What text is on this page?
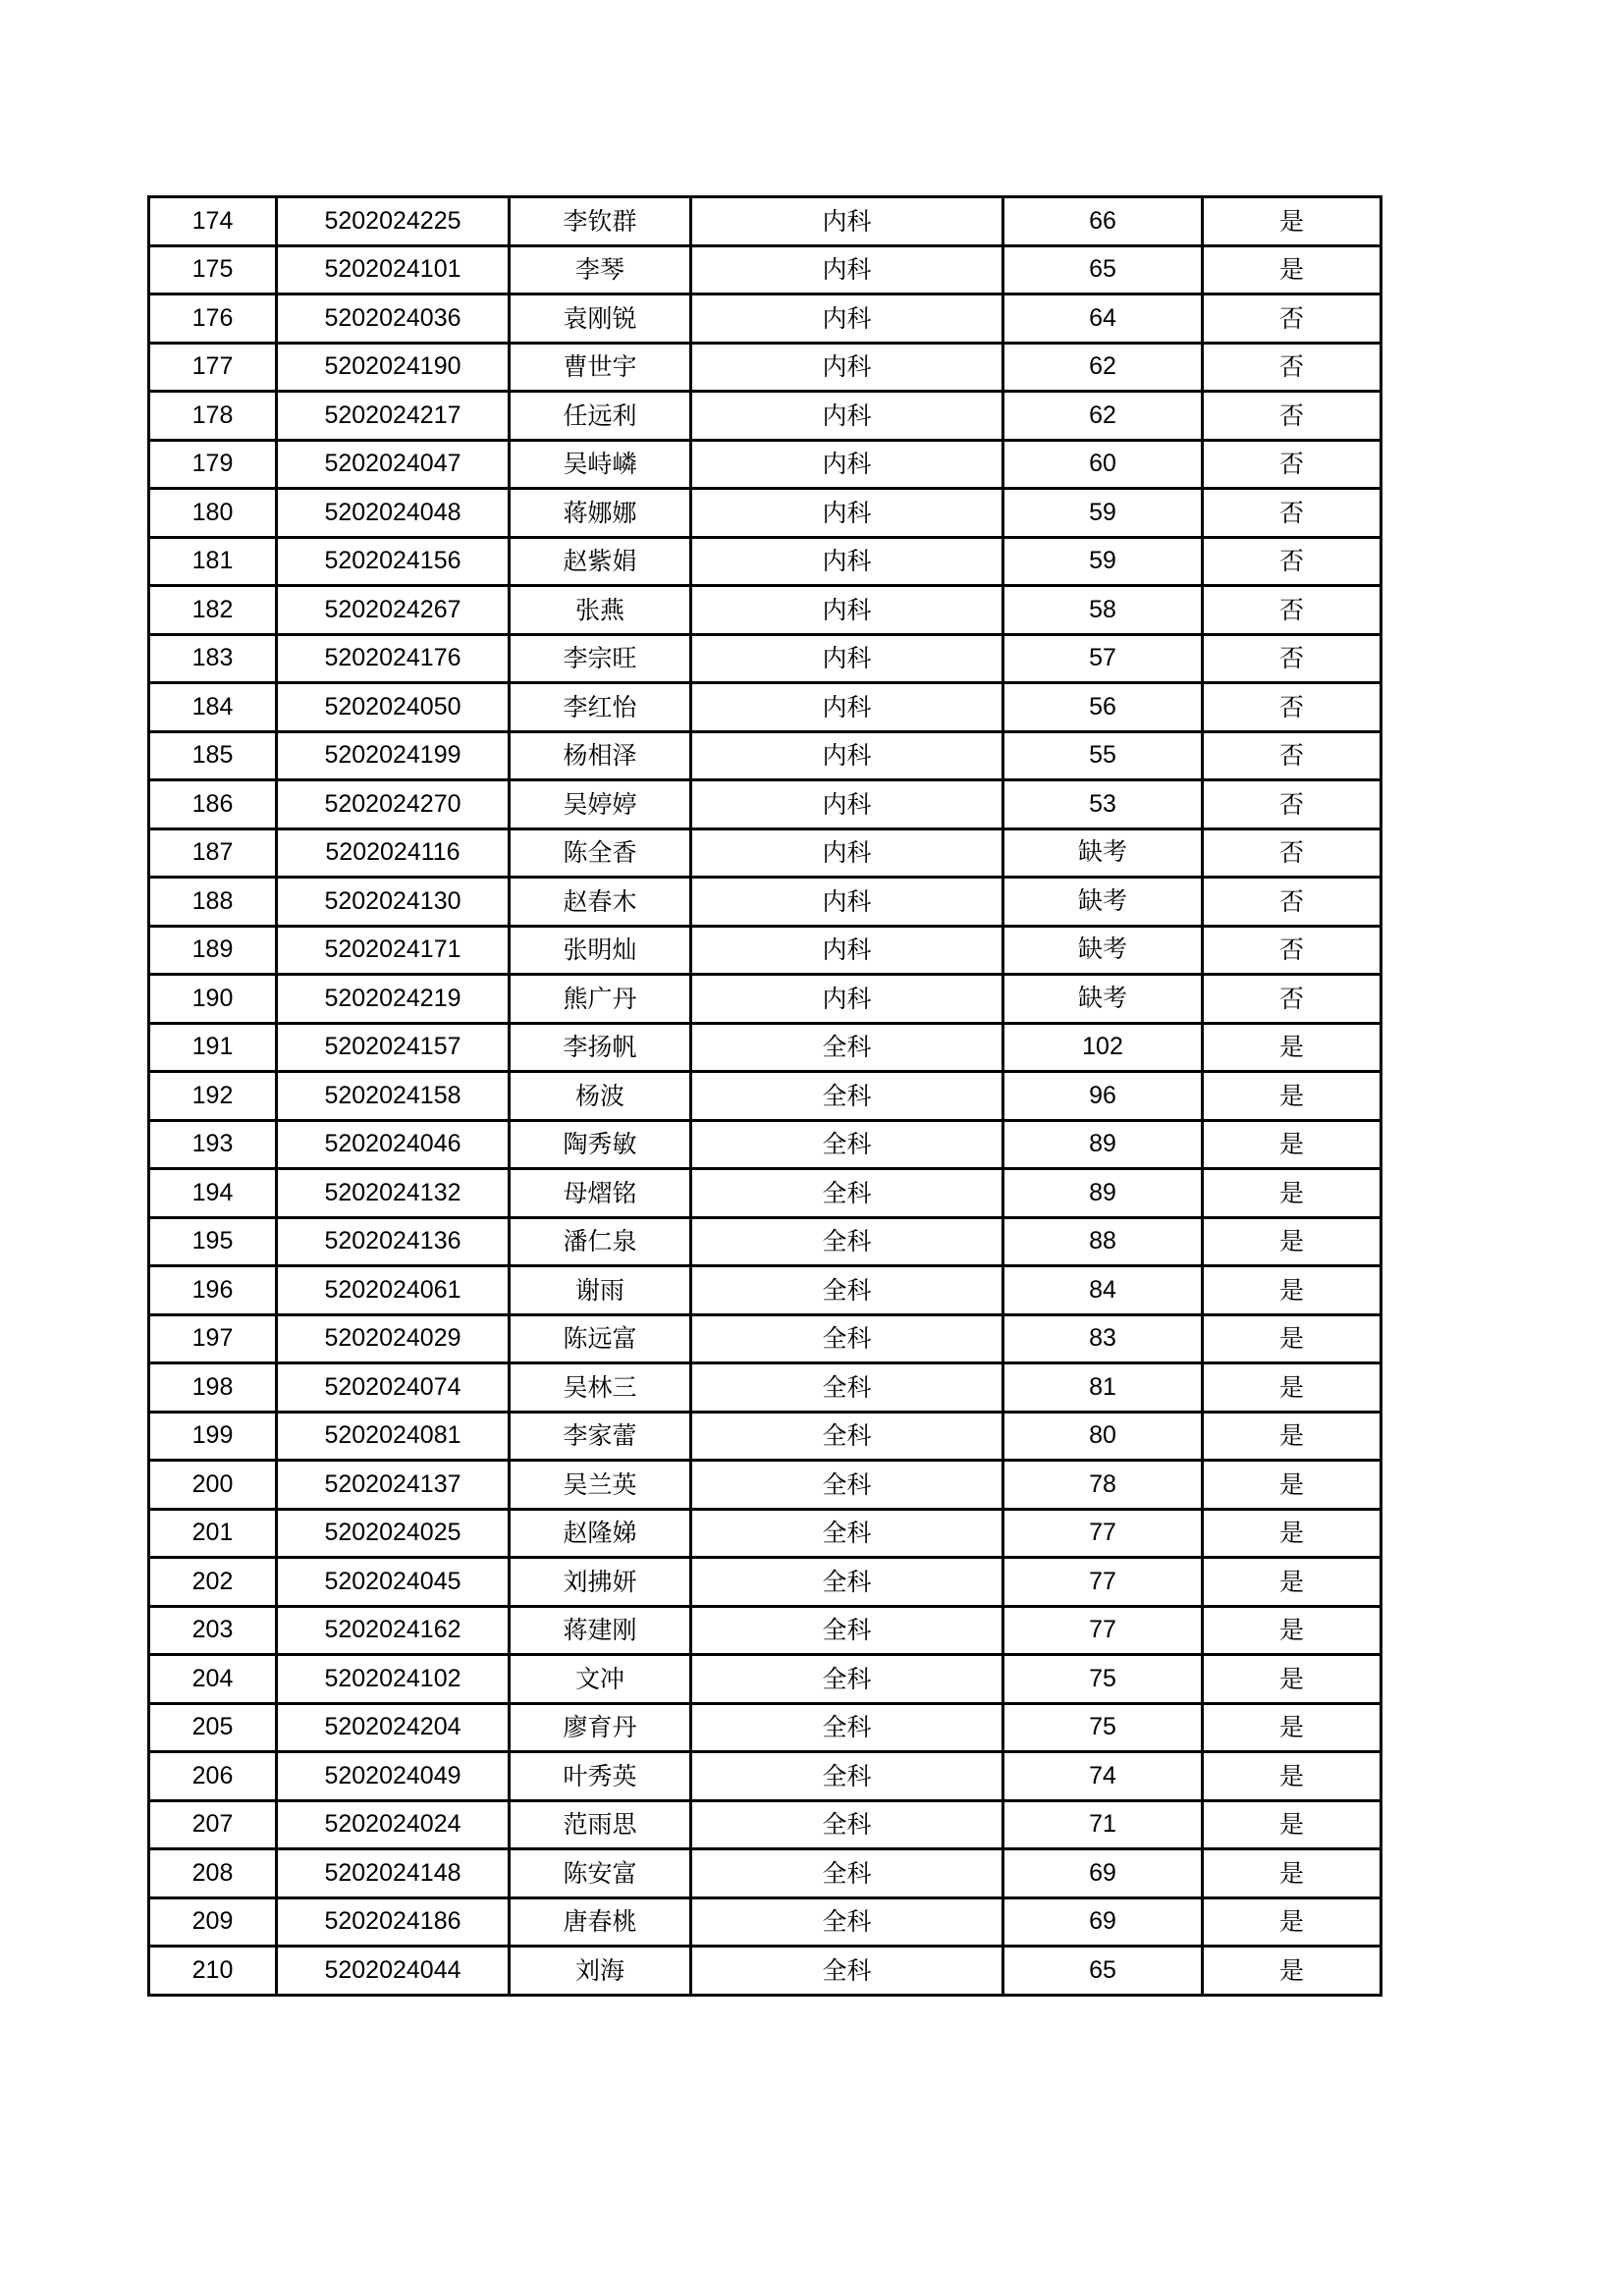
174	5202024225	李钦群	内科	66	是
175	5202024101	李琴	内科	65	是
176	5202024036	袁刚锐	内科	64	否
177	5202024190	曹世宇	内科	62	否
178	5202024217	任远利	内科	62	否
179	5202024047	吴峙嶙	内科	60	否
180	5202024048	蒋娜娜	内科	59	否
181	5202024156	赵紫娟	内科	59	否
182	5202024267	张燕	内科	58	否
183	5202024176	李宗旺	内科	57	否
184	5202024050	李红怡	内科	56	否
185	5202024199	杨相泽	内科	55	否
186	5202024270	吴婷婷	内科	53	否
187	5202024116	陈全香	内科	缺考	否
188	5202024130	赵春木	内科	缺考	否
189	5202024171	张明灿	内科	缺考	否
190	5202024219	熊广丹	内科	缺考	否
191	5202024157	李扬帆	全科	102	是
192	5202024158	杨波	全科	96	是
193	5202024046	陶秀敏	全科	89	是
194	5202024132	母熠铭	全科	89	是
195	5202024136	潘仁泉	全科	88	是
196	5202024061	谢雨	全科	84	是
197	5202024029	陈远富	全科	83	是
198	5202024074	吴林三	全科	81	是
199	5202024081	李家蕾	全科	80	是
200	5202024137	吴兰英	全科	78	是
201	5202024025	赵隆娣	全科	77	是
202	5202024045	刘拂妍	全科	77	是
203	5202024162	蒋建刚	全科	77	是
204	5202024102	文冲	全科	75	是
205	5202024204	廖育丹	全科	75	是
206	5202024049	叶秀英	全科	74	是
207	5202024024	范雨思	全科	71	是
208	5202024148	陈安富	全科	69	是
209	5202024186	唐春桃	全科	69	是
210	5202024044	刘海	全科	65	是
